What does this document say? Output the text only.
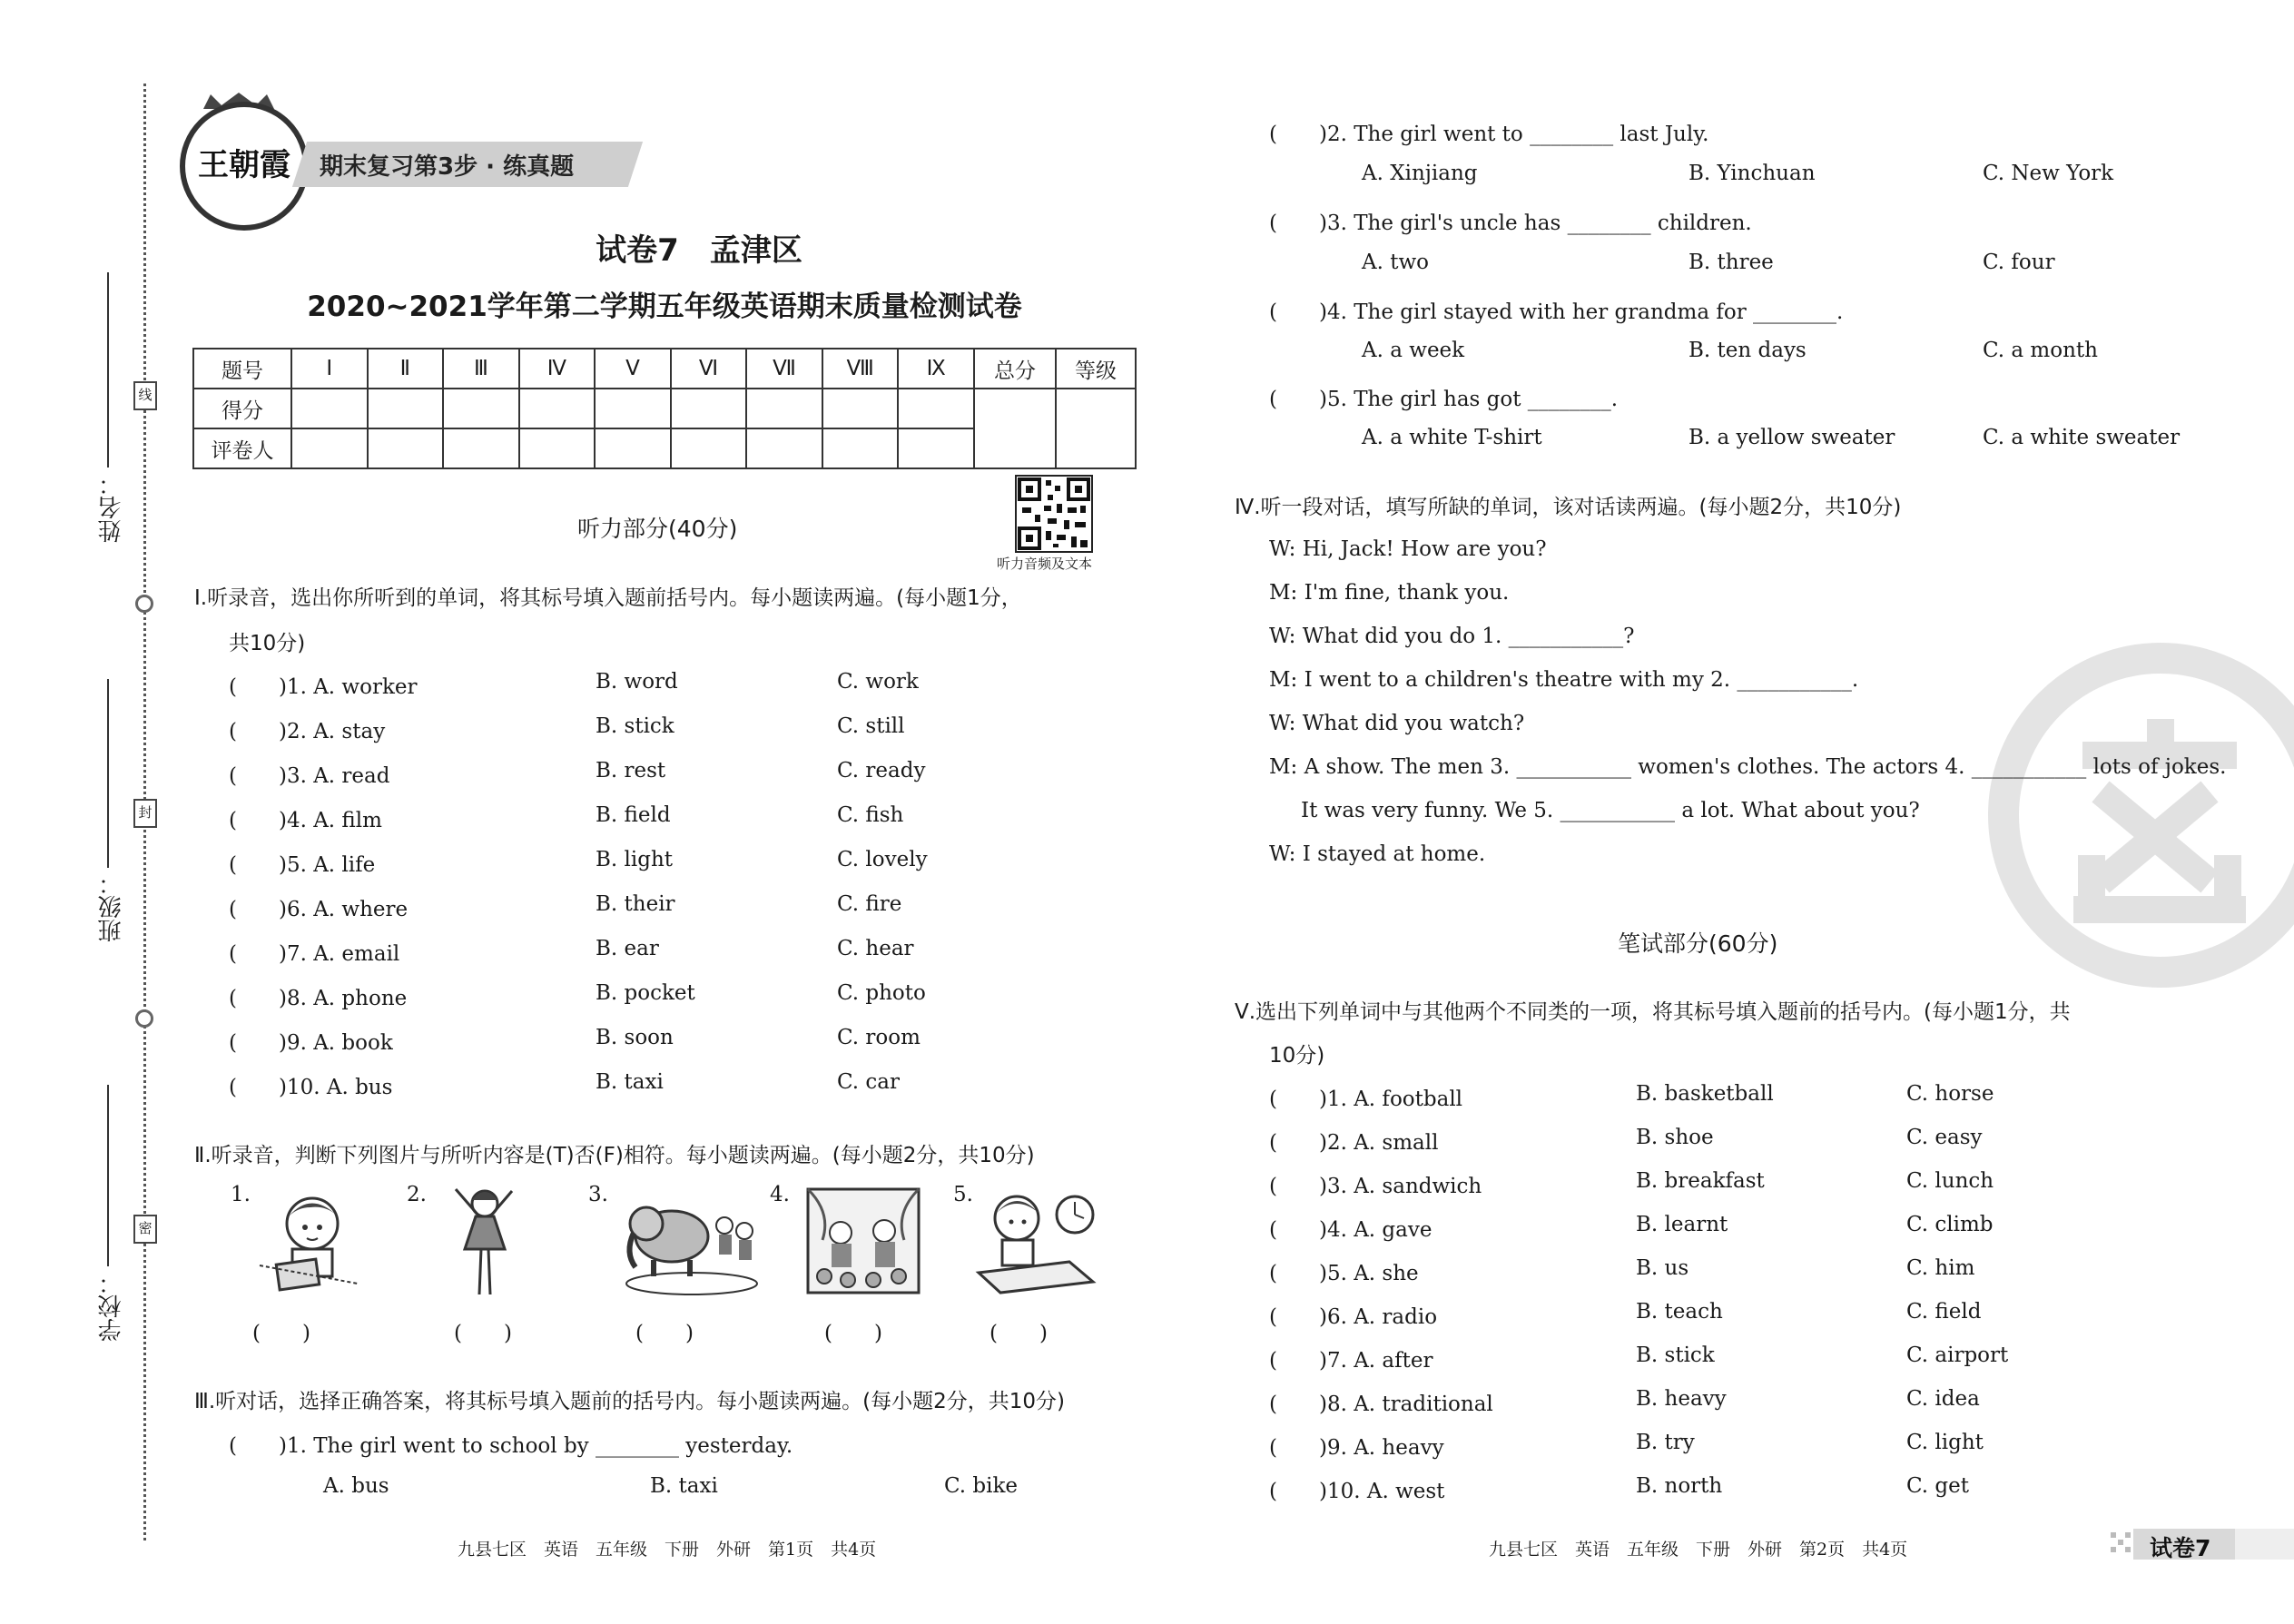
姓名：
班级：
学校：
线
封
密
王朝霞	期末复习第3步 · 练真题
试卷7　孟津区
2020~2021学年第二学期五年级英语期末质量检测试卷
题号	Ⅰ	Ⅱ	Ⅲ	Ⅳ	Ⅴ	Ⅵ	Ⅶ	Ⅷ	Ⅸ	总分	等级
得分											
评卷人											
听力音频及文本
听力部分(40分)
Ⅰ.听录音，选出你所听到的单词，将其标号填入题前括号内。每小题读两遍。(每小题1分，
共10分)
(　　)1. A. worker	B. word	C. work
(　　)2. A. stay	B. stick	C. still
(　　)3. A. read	B. rest	C. ready
(　　)4. A. film	B. field	C. fish
(　　)5. A. life	B. light	C. lovely
(　　)6. A. where	B. their	C. fire
(　　)7. A. email	B. ear	C. hear
(　　)8. A. phone	B. pocket	C. photo
(　　)9. A. book	B. soon	C. room
(　　)10. A. bus	B. taxi	C. car
Ⅱ.听录音，判断下列图片与所听内容是(T)否(F)相符。每小题读两遍。(每小题2分，共10分)
1.	2.	3.	4.	5.
(　　)	(　　)	(　　)	(　　)	(　　)
Ⅲ.听对话，选择正确答案，将其标号填入题前的括号内。每小题读两遍。(每小题2分，共10分)
(　　)1. The girl went to school by ________ yesterday.
A. bus	B. taxi	C. bike
九县七区　英语　五年级　下册　外研　第1页　共4页
(　　)2. The girl went to ________ last July.
A. Xinjiang	B. Yinchuan	C. New York
(　　)3. The girl's uncle has ________ children.
A. two	B. three	C. four
(　　)4. The girl stayed with her grandma for ________.
A. a week	B. ten days	C. a month
(　　)5. The girl has got ________.
A. a white T-shirt	B. a yellow sweater	C. a white sweater
Ⅳ.听一段对话，填写所缺的单词，该对话读两遍。(每小题2分，共10分)
W: Hi, Jack! How are you?
M: I'm fine, thank you.
W: What did you do 1. ___________?
M: I went to a children's theatre with my 2. ___________.
W: What did you watch?
M: A show. The men 3. ___________ women's clothes. The actors 4. ___________ lots of jokes.
It was very funny. We 5. ___________ a lot. What about you?
W: I stayed at home.
笔试部分(60分)
Ⅴ.选出下列单词中与其他两个不同类的一项，将其标号填入题前的括号内。(每小题1分，共
10分)
(　　)1. A. football	B. basketball	C. horse
(　　)2. A. small	B. shoe	C. easy
(　　)3. A. sandwich	B. breakfast	C. lunch
(　　)4. A. gave	B. learnt	C. climb
(　　)5. A. she	B. us	C. him
(　　)6. A. radio	B. teach	C. field
(　　)7. A. after	B. stick	C. airport
(　　)8. A. traditional	B. heavy	C. idea
(　　)9. A. heavy	B. try	C. light
(　　)10. A. west	B. north	C. get
九县七区　英语　五年级　下册　外研　第2页　共4页	试卷7
